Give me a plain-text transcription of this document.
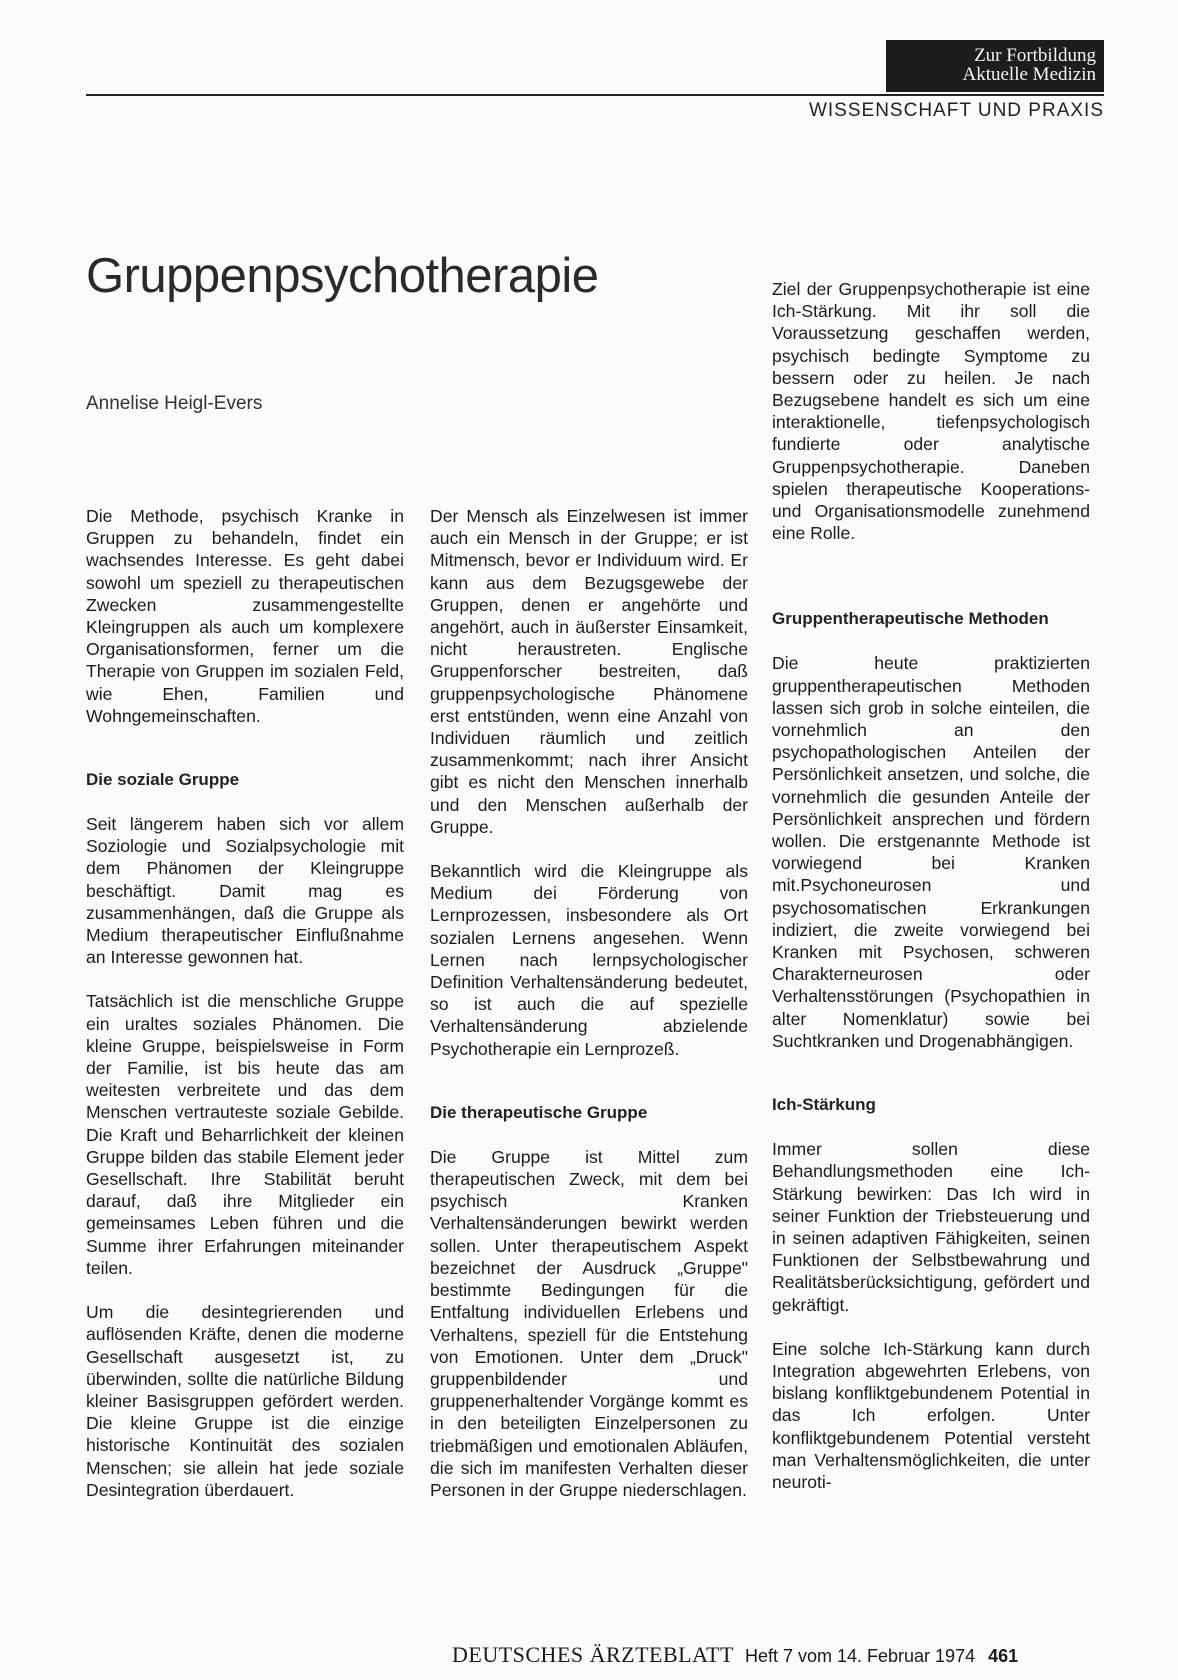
Zur Fortbildung
Aktuelle Medizin
WISSENSCHAFT UND PRAXIS
Gruppenpsychotherapie
Annelise Heigl-Evers

Die Methode, psychisch Kranke in Gruppen zu behandeln, findet ein wachsendes Interesse. Es geht dabei sowohl um speziell zu therapeutischen Zwecken zusammengestellte Kleingruppen als auch um komplexere Organisationsformen, ferner um die Therapie von Gruppen im sozialen Feld, wie Ehen, Familien und Wohngemeinschaften.

Die soziale Gruppe

Seit längerem haben sich vor allem Soziologie und Sozialpsychologie mit dem Phänomen der Kleingruppe beschäftigt. Damit mag es zusammenhängen, daß die Gruppe als Medium therapeutischer Einflußnahme an Interesse gewonnen hat.

Tatsächlich ist die menschliche Gruppe ein uraltes soziales Phänomen. Die kleine Gruppe, beispielsweise in Form der Familie, ist bis heute das am weitesten verbreitete und das dem Menschen vertrauteste soziale Gebilde. Die Kraft und Beharrlichkeit der kleinen Gruppe bilden das stabile Element jeder Gesellschaft. Ihre Stabilität beruht darauf, daß ihre Mitglieder ein gemeinsames Leben führen und die Summe ihrer Erfahrungen miteinander teilen.

Um die desintegrierenden und auflösenden Kräfte, denen die moderne Gesellschaft ausgesetzt ist, zu überwinden, sollte die natürliche Bildung kleiner Basisgruppen gefördert werden. Die kleine Gruppe ist die einzige historische Kontinuität des sozialen Menschen; sie allein hat jede soziale Desintegration überdauert.

Der Mensch als Einzelwesen ist immer auch ein Mensch in der Gruppe; er ist Mitmensch, bevor er Individuum wird. Er kann aus dem Bezugsgewebe der Gruppen, denen er angehörte und angehört, auch in äußerster Einsamkeit, nicht heraustreten. Englische Gruppenforscher bestreiten, daß gruppenpsychologische Phänomene erst entstünden, wenn eine Anzahl von Individuen räumlich und zeitlich zusammenkommt; nach ihrer Ansicht gibt es nicht den Menschen innerhalb und den Menschen außerhalb der Gruppe.

Bekanntlich wird die Kleingruppe als Medium dei Förderung von Lernprozessen, insbesondere als Ort sozialen Lernens angesehen. Wenn Lernen nach lernpsychologischer Definition Verhaltensänderung bedeutet, so ist auch die auf spezielle Verhaltensänderung abzielende Psychotherapie ein Lernprozeß.

Die therapeutische Gruppe

Die Gruppe ist Mittel zum therapeutischen Zweck, mit dem bei psychisch Kranken Verhaltensänderungen bewirkt werden sollen. Unter therapeutischem Aspekt bezeichnet der Ausdruck „Gruppe" bestimmte Bedingungen für die Entfaltung individuellen Erlebens und Verhaltens, speziell für die Entstehung von Emotionen. Unter dem „Druck" gruppenbildender und gruppenerhaltender Vorgänge kommt es in den beteiligten Einzelpersonen zu triebmäßigen und emotionalen Abläufen, die sich im manifesten Verhalten dieser Personen in der Gruppe niederschlagen.

Ziel der Gruppenpsychotherapie ist eine Ich-Stärkung. Mit ihr soll die Voraussetzung geschaffen werden, psychisch bedingte Symptome zu bessern oder zu heilen. Je nach Bezugsebene handelt es sich um eine interaktionelle, tiefenpsychologisch fundierte oder analytische Gruppenpsychotherapie. Daneben spielen therapeutische Kooperations- und Organisationsmodelle zunehmend eine Rolle.

Gruppentherapeutische Methoden

Die heute praktizierten gruppentherapeutischen Methoden lassen sich grob in solche einteilen, die vornehmlich an den psychopathologischen Anteilen der Persönlichkeit ansetzen, und solche, die vornehmlich die gesunden Anteile der Persönlichkeit ansprechen und fördern wollen. Die erstgenannte Methode ist vorwiegend bei Kranken mit.Psychoneurosen und psychosomatischen Erkrankungen indiziert, die zweite vorwiegend bei Kranken mit Psychosen, schweren Charakterneurosen oder Verhaltensstörungen (Psychopathien in alter Nomenklatur) sowie bei Suchtkranken und Drogenabhängigen.

Ich-Stärkung

Immer sollen diese Behandlungsmethoden eine Ich-Stärkung bewirken: Das Ich wird in seiner Funktion der Triebsteuerung und in seinen adaptiven Fähigkeiten, seinen Funktionen der Selbstbewahrung und Realitätsberücksichtigung, gefördert und gekräftigt.

Eine solche Ich-Stärkung kann durch Integration abgewehrten Erlebens, von bislang konfliktgebundenem Potential in das Ich erfolgen. Unter konfliktgebundenem Potential versteht man Verhaltensmöglichkeiten, die unter neuroti-

DEUTSCHES ÄRZTEBLATT Heft 7 vom 14. Februar 1974 461
